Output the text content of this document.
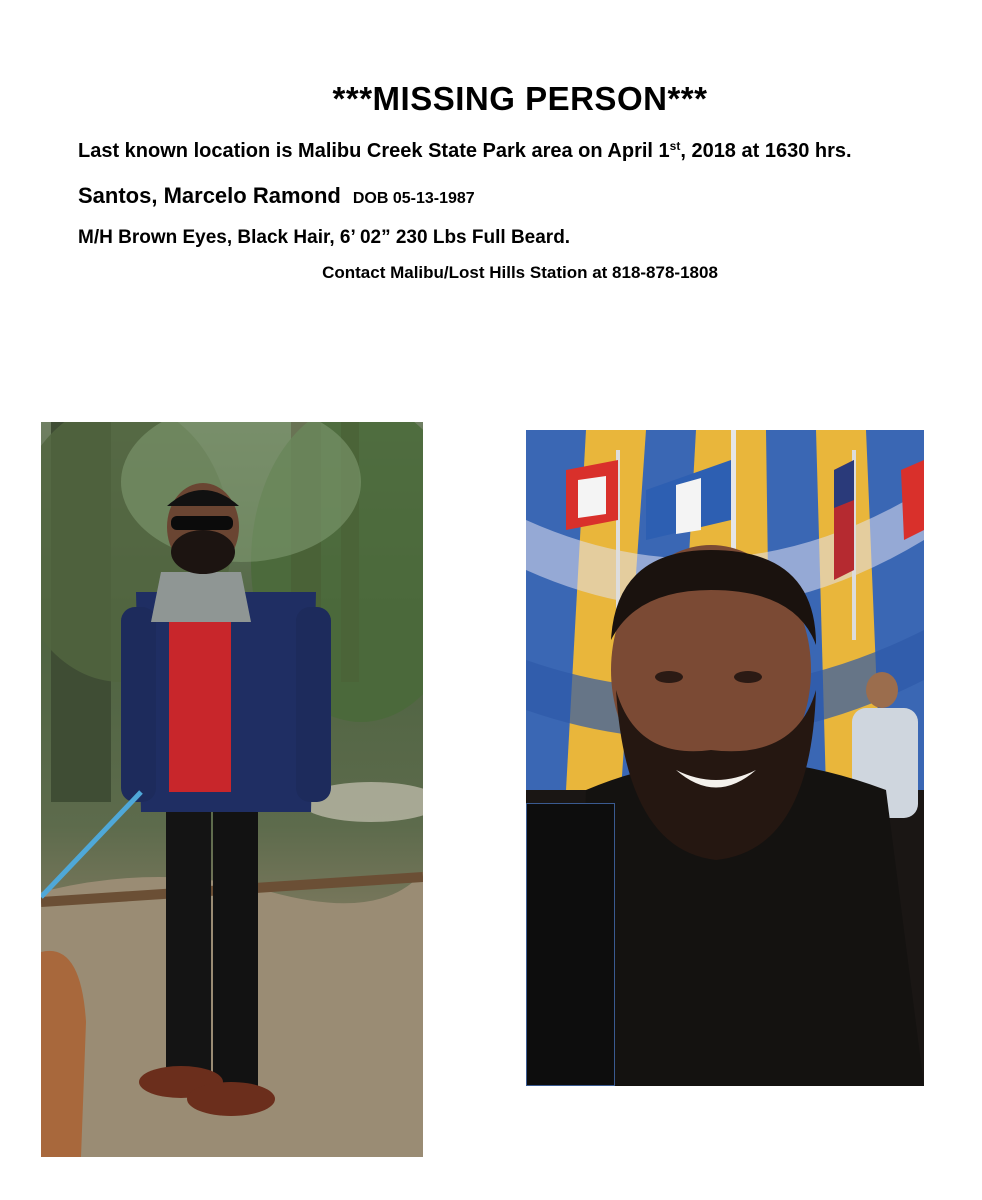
***MISSING PERSON***

Last known location is Malibu Creek State Park area on April 1st, 2018 at 1630 hrs.

Santos, Marcelo Ramond DOB 05-13-1987

M/H Brown Eyes, Black Hair, 6’ 02” 230 Lbs Full Beard.

Contact Malibu/Lost Hills Station at 818-878-1808
